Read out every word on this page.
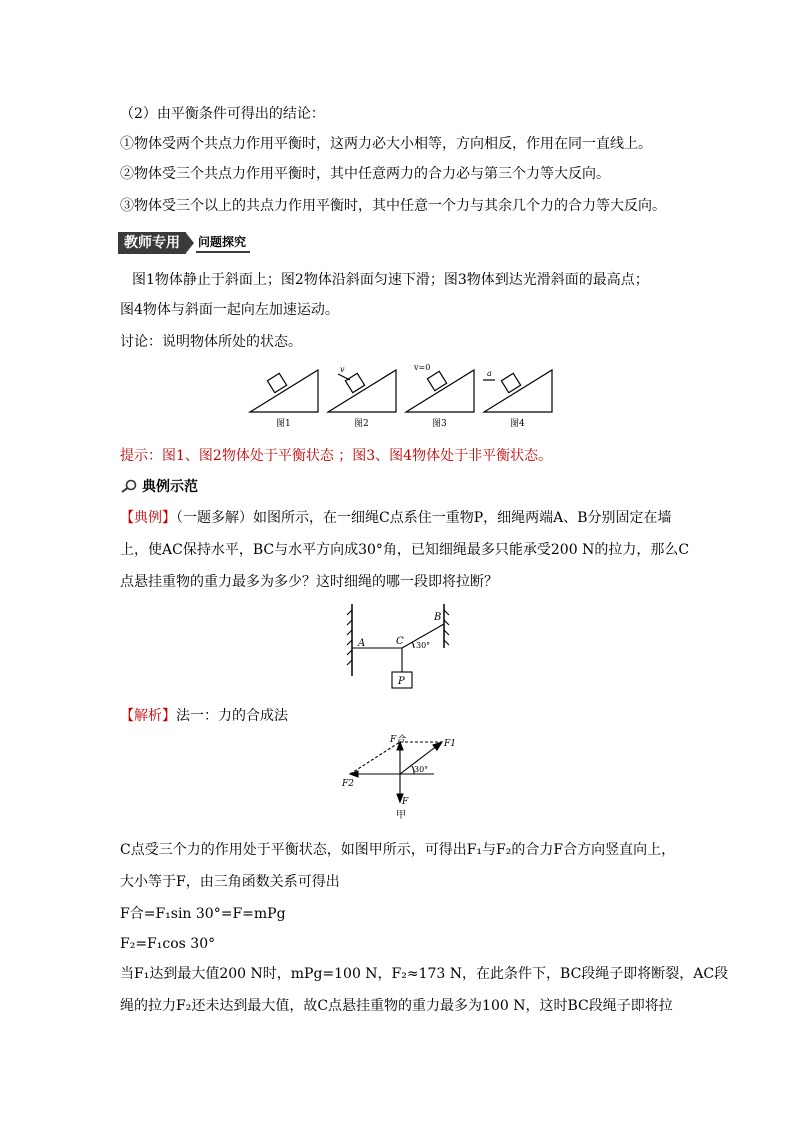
（2）由平衡条件可得出的结论：
①物体受两个共点力作用平衡时，这两力必大小相等，方向相反，作用在同一直线上。
②物体受三个共点力作用平衡时，其中任意两力的合力必与第三个力等大反向。
③物体受三个以上的共点力作用平衡时，其中任意一个力与其余几个力的合力等大反向。
教师专用	问题探究
图1物体静止于斜面上；图2物体沿斜面匀速下滑；图3物体到达光滑斜面的最高点；
图4物体与斜面一起向左加速运动。
讨论：说明物体所处的状态。
v	v=0
a
图1	图2	图3	图4
提示：图1、图2物体处于平衡状态 ；图3、图4物体处于非平衡状态。
典例示范
【典例】（一题多解）如图所示，在一细绳C点系住一重物P，细绳两端A、B分别固定在墙
上，使AC保持水平，BC与水平方向成30°角，已知细绳最多只能承受200 N的拉力，那么C
点悬挂重物的重力最多为多少？这时细绳的哪一段即将拉断？
A	C
B
30°
P
【解析】法一：力的合成法
F合	F1
F2
F
30°
甲
C点受三个力的作用处于平衡状态，如图甲所示，可得出F₁与F₂的合力F合方向竖直向上，
大小等于F，由三角函数关系可得出
F合=F₁sin 30°=F=mPg
F₂=F₁cos 30°
当F₁达到最大值200 N时，mPg=100 N，F₂≈173 N，在此条件下，BC段绳子即将断裂，AC段
绳的拉力F₂还未达到最大值，故C点悬挂重物的重力最多为100 N，这时BC段绳子即将拉
